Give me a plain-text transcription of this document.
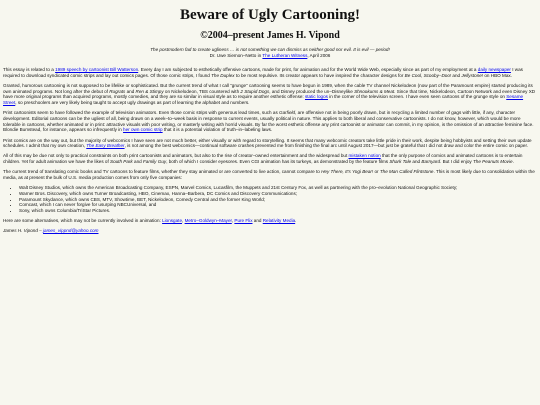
Beware of Ugly Cartooning!
©2004–present James H. Vipond
The postmodern fad to create ugliness … is not something we can dismiss as neither good nor evil. It is evil — period!
Dr. Uwe Siemon–Netto in The Lutheran Witness, April 2006

This essay is related to a 1989 speech by cartoonist Bill Watterson. Every day I am subjected to esthetically offensive cartoons, made for print, for animation and for the World Wide Web, especially since as part of my employment at a daily newspaper I was required to download syndicated comic strips and lay out comics pages. Of those comic strips, I found The Duplex to be most repulsive. Its creator appears to have inspired the character designs for Be Cool, Scooby–Doo! and Jellystone! on HBO Max.

Granted, humorous cartooning is not supposed to be lifelike or sophisticated. But the current trend of what I call “grunge” cartooning seems to have begun in 1989, when the cable TV channel Nickelodeon (now part of the Paramount empire) started producing its own animated programs. Not long after the debut of Rugrats and Ren & Stimpy on Nickelodeon, TBS countered with 2 Stupid Dogs, and Disney produced the un–Disneylike Shnookums & Meat. Since that time, Nickelodeon, Cartoon Network and even Disney XD have more original programs than acquired programs, mostly comedies, and they are so similar in visual style as to require another esthetic offense: static logos in the corner of the television screen. I have even seen cartoons of the grunge style on Sesame Street, so preschoolers are very likely being taught to accept ugly drawings as part of learning the alphabet and numbers.

Print cartoonists seem to have followed the example of television animators. Even those comic strips with generous lead times, such as Garfield, are offensive not in being poorly drawn, but in recycling a limited number of gags with little, if any, character development. Editorial cartoons can be the ugliest of all, being drawn on a week–to–week basis in response to current events, usually political in nature. This applies to both liberal and conservative cartoonists. I do not know, however, which would be more tolerable in cartoons, whether animated or in print: attractive visuals with poor writing, or masterly writing with horrid visuals. By far the worst esthetic offense any print cartoonist or animator can commit, in my opinion, is the omission of an attractive feminine face. Blondie Bumstead, for instance, appears so infrequently in her own comic strip that it is a potential violation of truth–in–labeling laws.

Print comics are on the way out, but the majority of webcomics I have seen are not much better, either visually or with regard to storytelling. It seems that many webcomic creators take little pride in their work, despite being hobbyists and setting their own update schedules. I admit that my own creation, The Easy Breather, is not among the best webcomics—continual software crashes prevented me from finishing the final arc until August 2017—but just be grateful that I did not draw and color the entire comic on paper.

All of this may be due not only to practical constraints on both print cartoonists and animators, but also to the rise of creator–owned entertainment and the widespread but mistaken notion that the only purpose of comics and animated cartoons is to entertain children. Yet for adult animation we have the likes of South Park and Family Guy, both of which I consider eyesores. Even CGI animation has its turkeys, as demonstrated by the feature films Shark Tale and Barnyard. But I did enjoy The Peanuts Movie.

The current trend of translating comic books and TV cartoons to feature films, whether they stay animated or are converted to live action, cannot compare to Hey There, It's Yogi Bear! or The Man Called Flintstone. This is most likely due to consolidation within the media, as at present the bulk of U.S. media production comes from only five companies:

• Walt Disney Studios, which owns the American Broadcasting Company, ESPN, Marvel Comics, Lucasfilm, the Muppets and 21st Century Fox, as well as partnering with the pro–evolution National Geographic Society;
• Warner Bros. Discovery, which owns Turner Broadcasting, HBO, Cinemax, Hanna–Barbera, DC Comics and Discovery Communications;
• Paramount Skydance, which owns CBS, MTV, Showtime, BET, Nickelodeon, Comedy Central and the former King World;
• Comcast, which I can never forgive for usurping NBCUniversal, and
• Sony, which owns Columbia/TriStar Pictures.

Here are some alternatives, which may not be currently involved in animation: Lionsgate, Metro–Goldwyn–Mayer, Pure Flix and Relativity Media.

James H. Vipond – james_vippnd@yahoo.com
